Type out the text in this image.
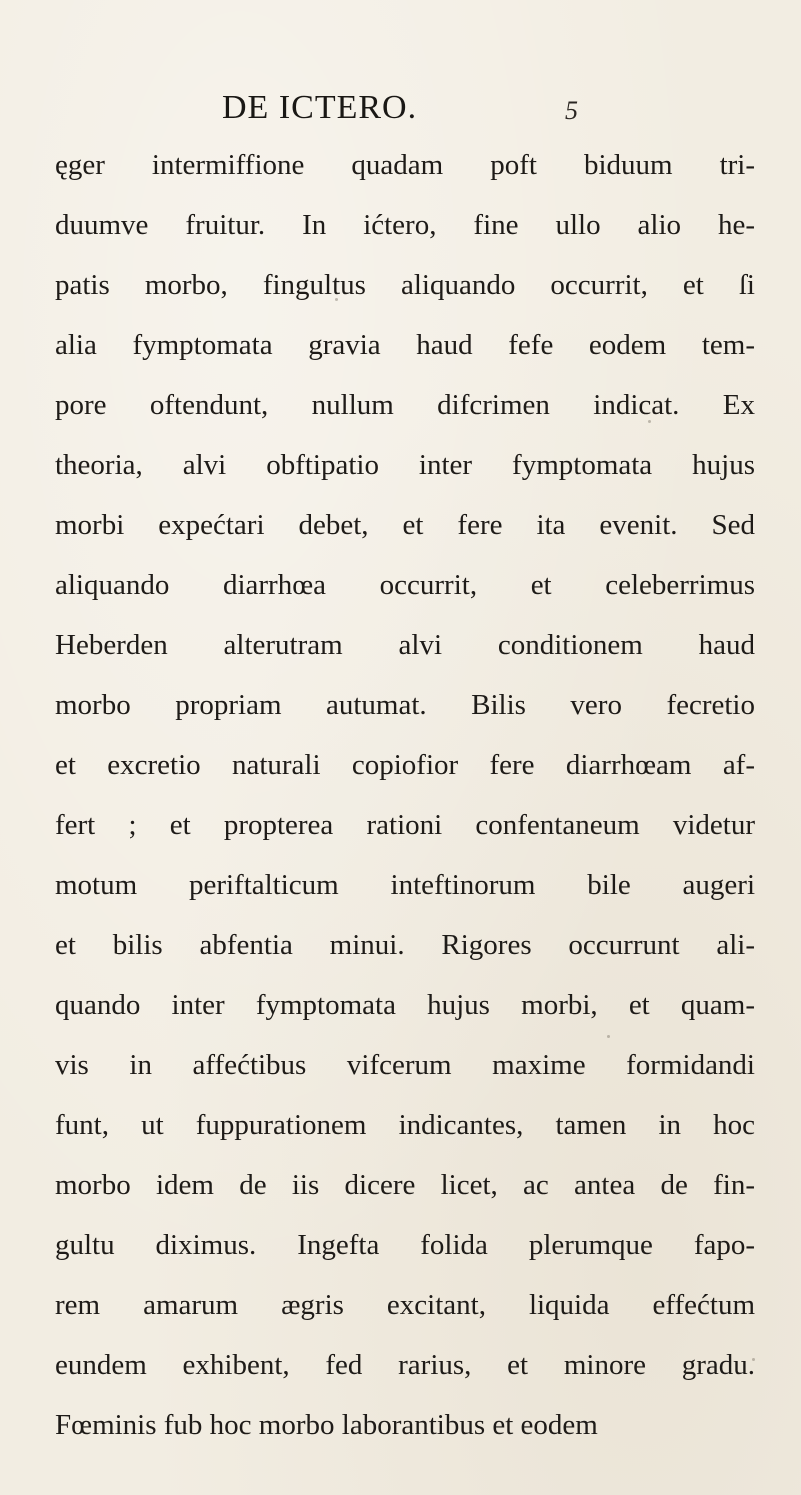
DE ICTERO.	5
ęger intermiffione quadam poft biduum tri-
duumve fruitur. In ićtero, fine ullo alio he-
patis morbo, fingultus aliquando occurrit, et ſi
alia fymptomata gravia haud fefe eodem tem-
pore oftendunt, nullum difcrimen indicat. Ex
theoria, alvi obftipatio inter fymptomata hujus
morbi expećtari debet, et fere ita evenit. Sed
aliquando diarrhœa occurrit, et celeberrimus
Heberden alterutram alvi conditionem haud
morbo propriam autumat. Bilis vero fecretio
et excretio naturali copiofior fere diarrhœam af-
fert ; et propterea rationi confentaneum videtur
motum periftalticum inteftinorum bile augeri
et bilis abfentia minui. Rigores occurrunt ali-
quando inter fymptomata hujus morbi, et quam-
vis in affećtibus vifcerum maxime formidandi
funt, ut fuppurationem indicantes, tamen in hoc
morbo idem de iis dicere licet, ac antea de fin-
gultu diximus. Ingefta folida plerumque fapo-
rem amarum ægris excitant, liquida effećtum
eundem exhibent, fed rarius, et minore gradu.
Fœminis fub hoc morbo laborantibus et eodem
